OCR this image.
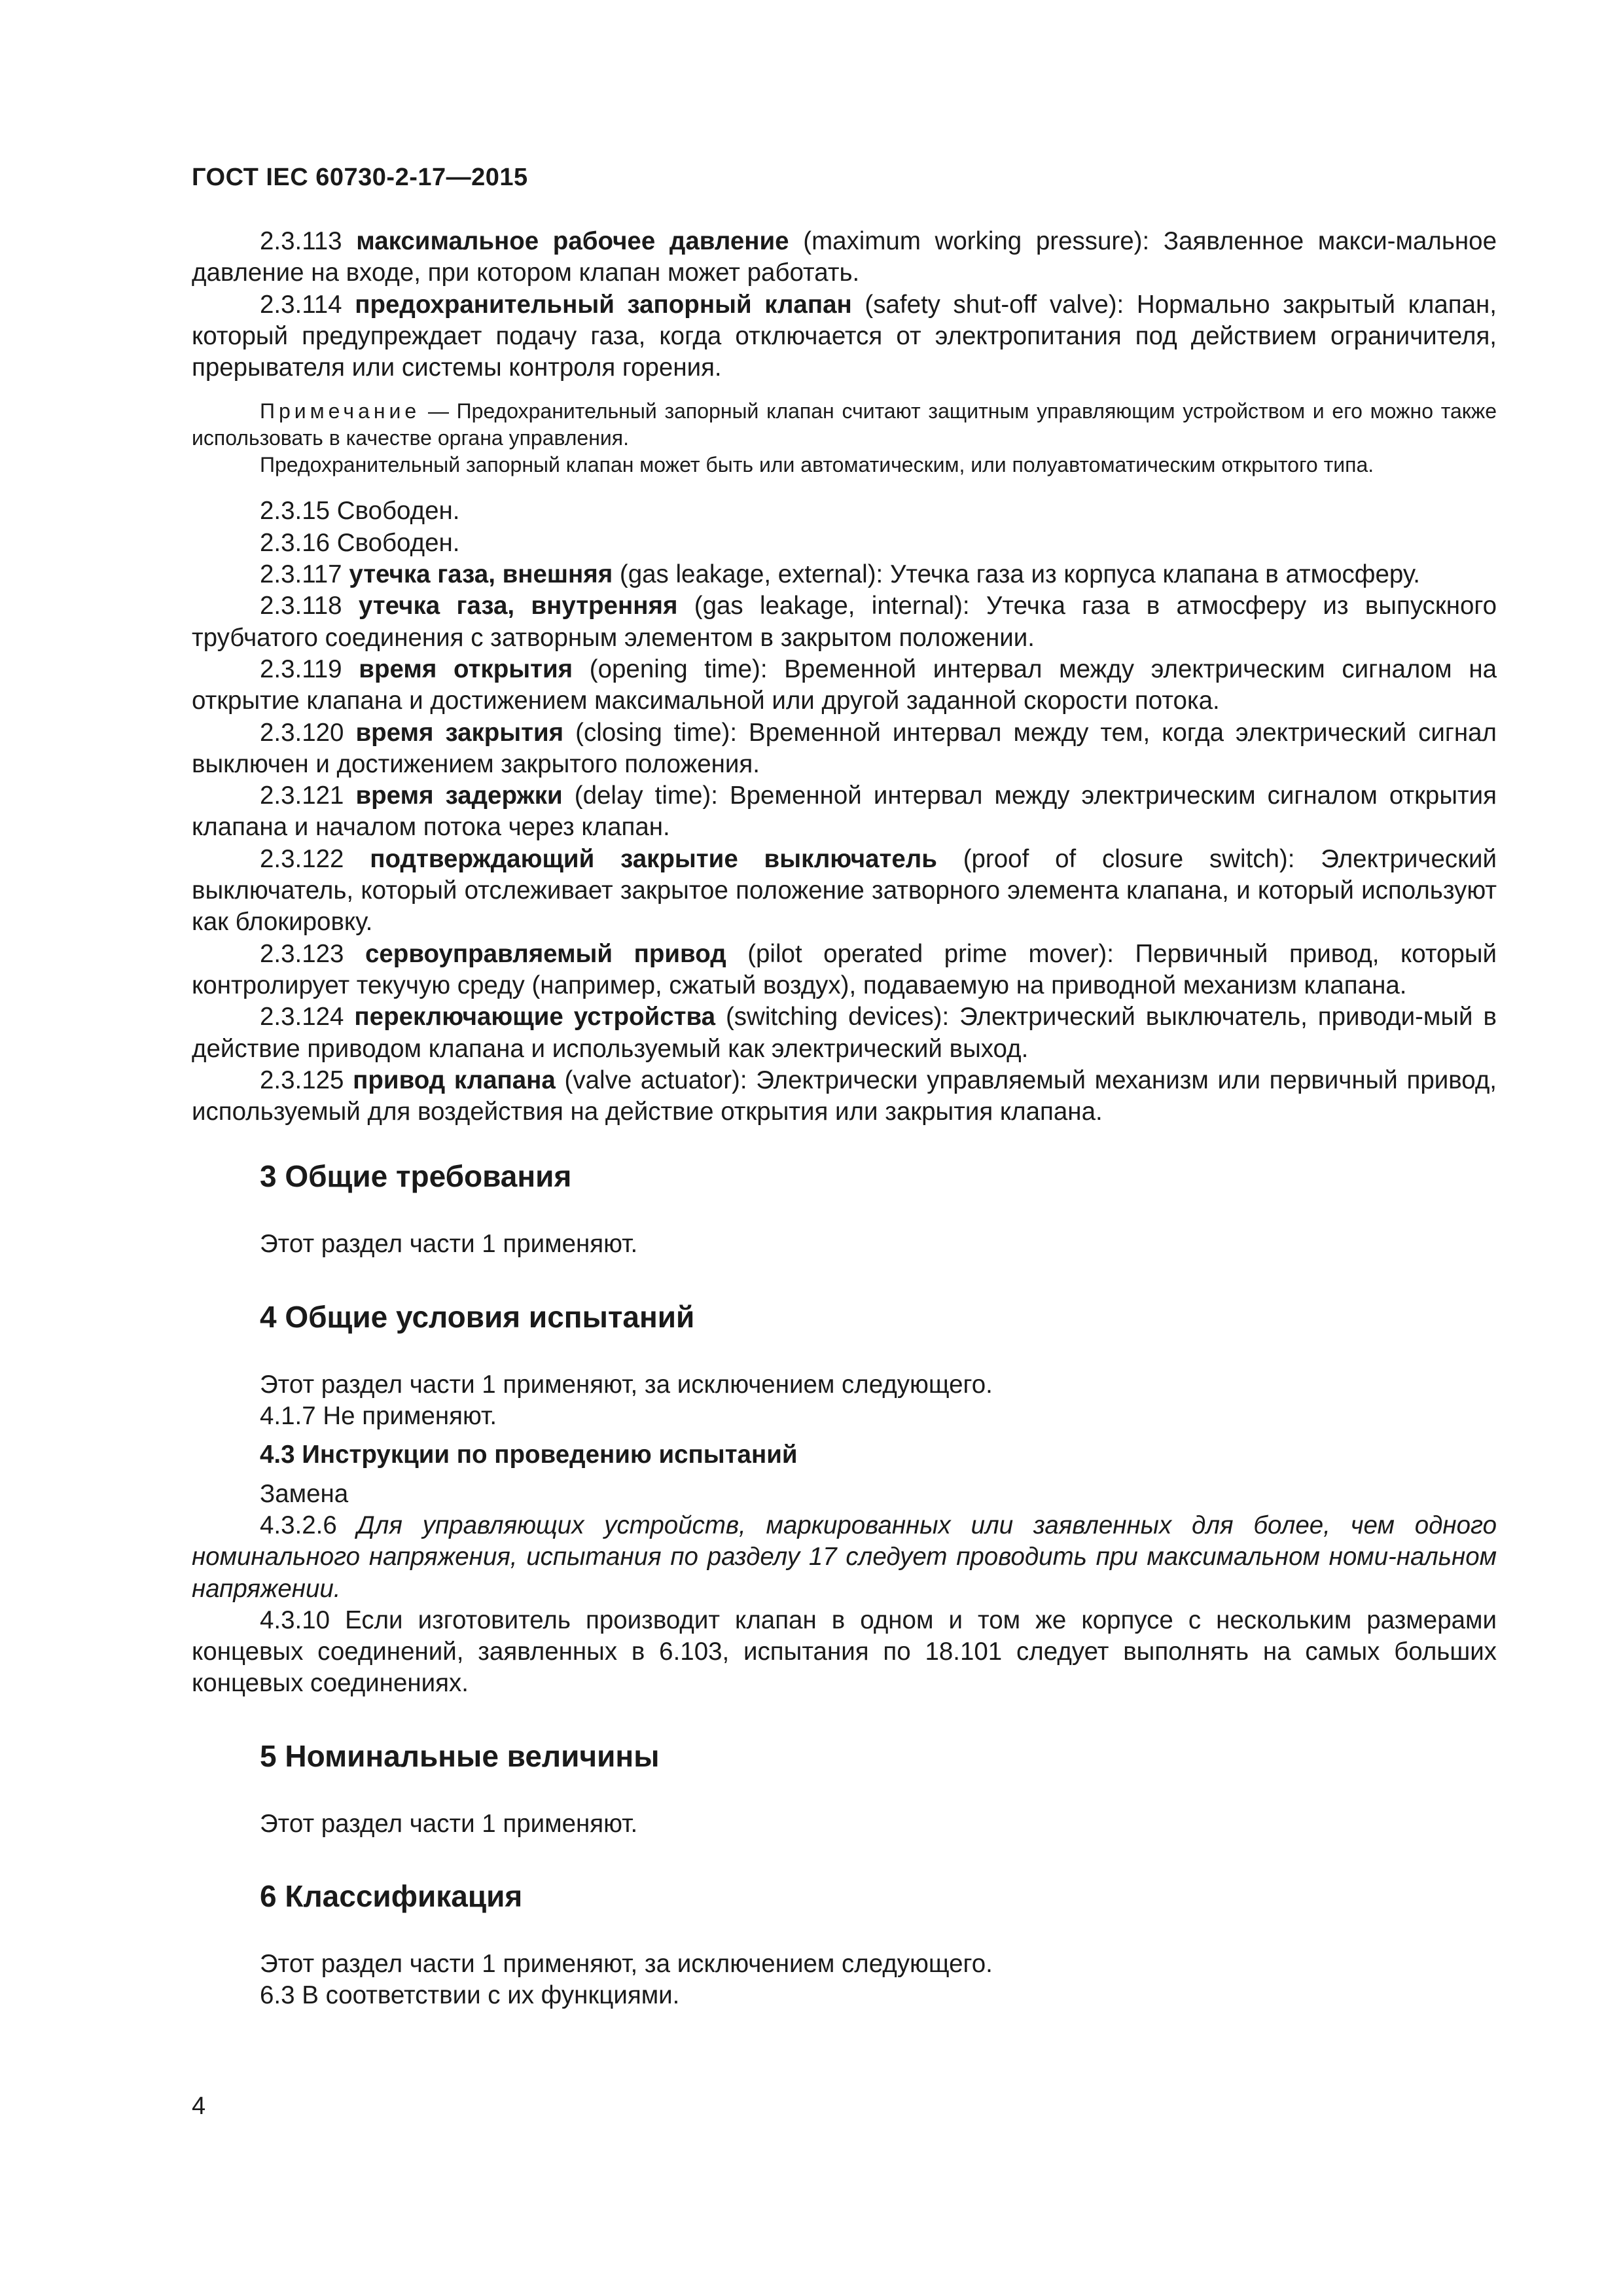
ГОСТ IEC 60730-2-17—2015

2.3.113 максимальное рабочее давление (maximum working pressure): Заявленное макси-мальное давление на входе, при котором клапан может работать.

2.3.114 предохранительный запорный клапан (safety shut-off valve): Нормально закрытый клапан, который предупреждает подачу газа, когда отключается от электропитания под действием ограничителя, прерывателя или системы контроля горения.

Примечание — Предохранительный запорный клапан считают защитным управляющим устройством и его можно также использовать в качестве органа управления.

Предохранительный запорный клапан может быть или автоматическим, или полуавтоматическим открытого типа.

2.3.15 Свободен.

2.3.16 Свободен.

2.3.117 утечка газа, внешняя (gas leakage, external): Утечка газа из корпуса клапана в атмосферу.

2.3.118 утечка газа, внутренняя (gas leakage, internal): Утечка газа в атмосферу из выпускного трубчатого соединения с затворным элементом в закрытом положении.

2.3.119 время открытия (opening time): Временной интервал между электрическим сигналом на открытие клапана и достижением максимальной или другой заданной скорости потока.

2.3.120 время закрытия (closing time): Временной интервал между тем, когда электрический сигнал выключен и достижением закрытого положения.

2.3.121 время задержки (delay time): Временной интервал между электрическим сигналом открытия клапана и началом потока через клапан.

2.3.122 подтверждающий закрытие выключатель (proof of closure switch): Электрический выключатель, который отслеживает закрытое положение затворного элемента клапана, и который используют как блокировку.

2.3.123 сервоуправляемый привод (pilot operated prime mover): Первичный привод, который контролирует текучую среду (например, сжатый воздух), подаваемую на приводной механизм клапана.

2.3.124 переключающие устройства (switching devices): Электрический выключатель, приводи-мый в действие приводом клапана и используемый как электрический выход.

2.3.125 привод клапана (valve actuator): Электрически управляемый механизм или первичный привод, используемый для воздействия на действие открытия или закрытия клапана.

3 Общие требования

Этот раздел части 1 применяют.

4 Общие условия испытаний

Этот раздел части 1 применяют, за исключением следующего.

4.1.7 Не применяют.

4.3 Инструкции по проведению испытаний

Замена

4.3.2.6 Для управляющих устройств, маркированных или заявленных для более, чем одного номинального напряжения, испытания по разделу 17 следует проводить при максимальном номи-нальном напряжении.

4.3.10 Если изготовитель производит клапан в одном и том же корпусе с нескольким размерами концевых соединений, заявленных в 6.103, испытания по 18.101 следует выполнять на самых больших концевых соединениях.

5 Номинальные величины

Этот раздел части 1 применяют.

6 Классификация

Этот раздел части 1 применяют, за исключением следующего.

6.3 В соответствии с их функциями.

4
